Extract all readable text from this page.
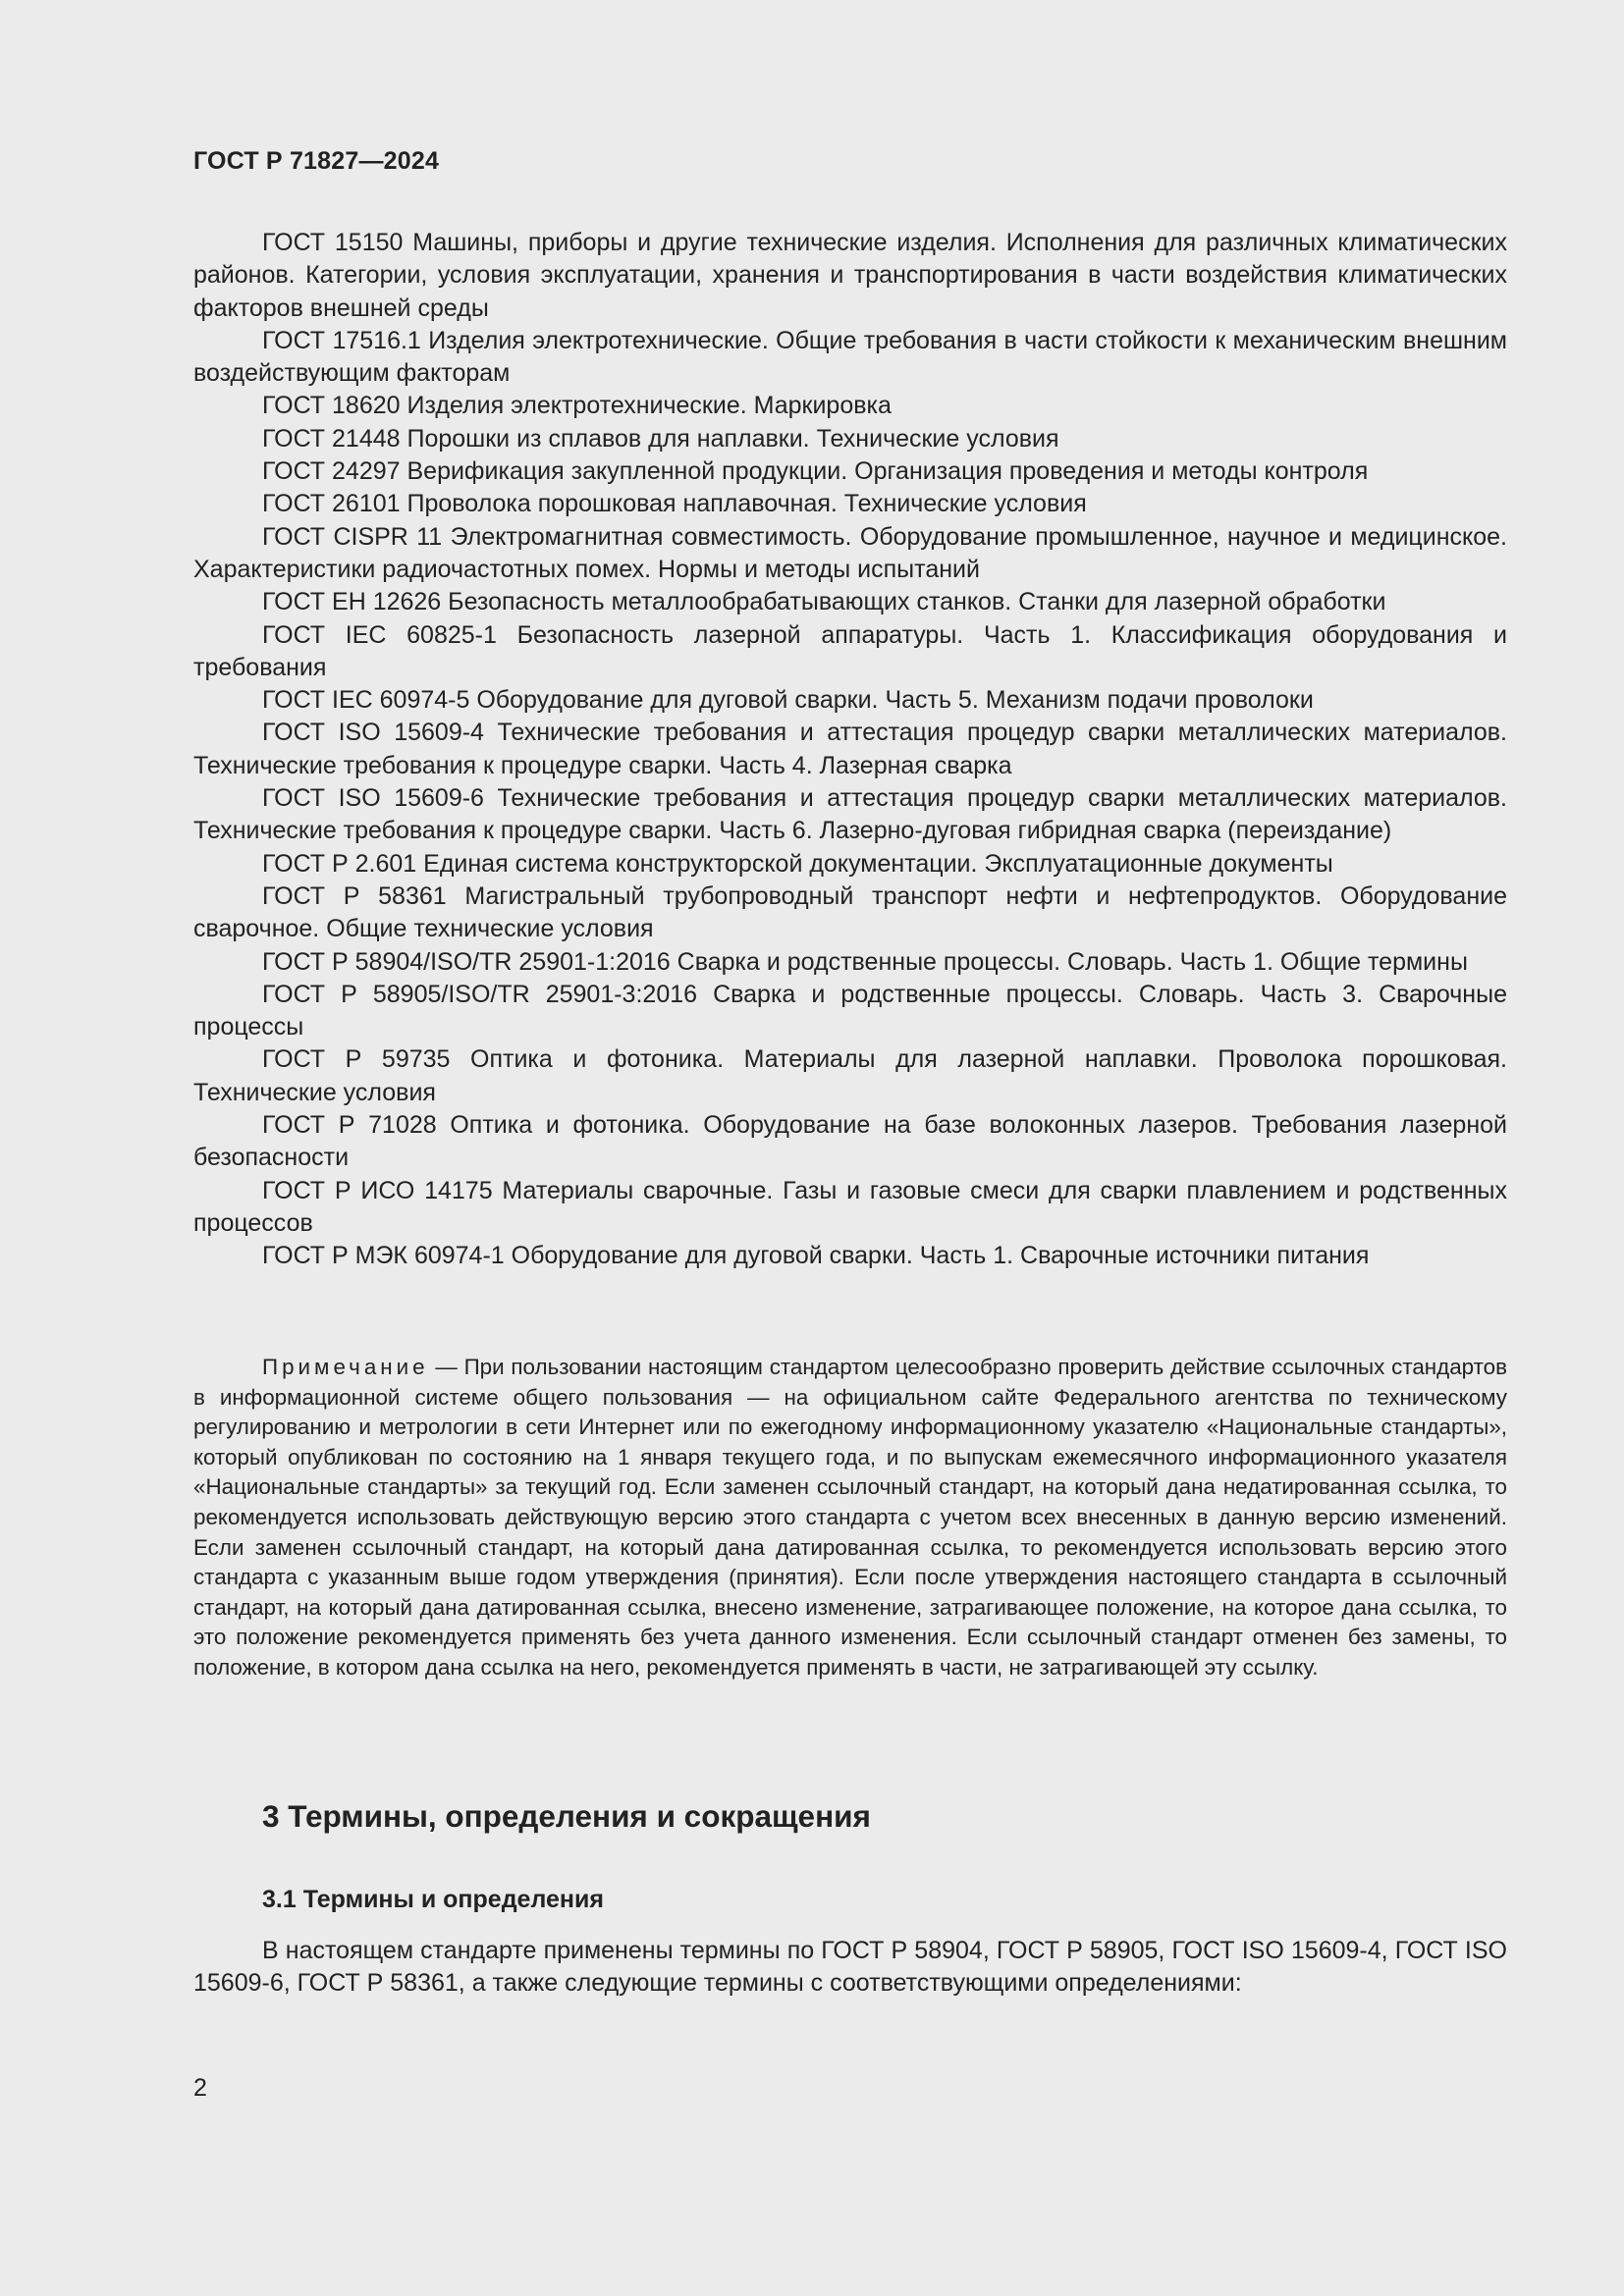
ГОСТ Р 71827—2024

ГОСТ 15150 Машины, приборы и другие технические изделия. Исполнения для различных климатических районов. Категории, условия эксплуатации, хранения и транспортирования в части воздействия климатических факторов внешней среды

ГОСТ 17516.1 Изделия электротехнические. Общие требования в части стойкости к механическим внешним воздействующим факторам

ГОСТ 18620 Изделия электротехнические. Маркировка

ГОСТ 21448 Порошки из сплавов для наплавки. Технические условия

ГОСТ 24297 Верификация закупленной продукции. Организация проведения и методы контроля

ГОСТ 26101 Проволока порошковая наплавочная. Технические условия

ГОСТ CISPR 11 Электромагнитная совместимость. Оборудование промышленное, научное и медицинское. Характеристики радиочастотных помех. Нормы и методы испытаний

ГОСТ ЕН 12626 Безопасность металлообрабатывающих станков. Станки для лазерной обработки

ГОСТ IEC 60825-1 Безопасность лазерной аппаратуры. Часть 1. Классификация оборудования и требования

ГОСТ IEC 60974-5 Оборудование для дуговой сварки. Часть 5. Механизм подачи проволоки

ГОСТ ISO 15609-4 Технические требования и аттестация процедур сварки металлических материалов. Технические требования к процедуре сварки. Часть 4. Лазерная сварка

ГОСТ ISO 15609-6 Технические требования и аттестация процедур сварки металлических материалов. Технические требования к процедуре сварки. Часть 6. Лазерно-дуговая гибридная сварка (переиздание)

ГОСТ Р 2.601 Единая система конструкторской документации. Эксплуатационные документы

ГОСТ Р 58361 Магистральный трубопроводный транспорт нефти и нефтепродуктов. Оборудование сварочное. Общие технические условия

ГОСТ Р 58904/ISO/TR 25901-1:2016 Сварка и родственные процессы. Словарь. Часть 1. Общие термины

ГОСТ Р 58905/ISO/TR 25901-3:2016 Сварка и родственные процессы. Словарь. Часть 3. Сварочные процессы

ГОСТ Р 59735 Оптика и фотоника. Материалы для лазерной наплавки. Проволока порошковая. Технические условия

ГОСТ Р 71028 Оптика и фотоника. Оборудование на базе волоконных лазеров. Требования лазерной безопасности

ГОСТ Р ИСО 14175 Материалы сварочные. Газы и газовые смеси для сварки плавлением и родственных процессов

ГОСТ Р МЭК 60974-1 Оборудование для дуговой сварки. Часть 1. Сварочные источники питания

Примечание — При пользовании настоящим стандартом целесообразно проверить действие ссылочных стандартов в информационной системе общего пользования — на официальном сайте Федерального агентства по техническому регулированию и метрологии в сети Интернет или по ежегодному информационному указателю «Национальные стандарты», который опубликован по состоянию на 1 января текущего года, и по выпускам ежемесячного информационного указателя «Национальные стандарты» за текущий год. Если заменен ссылочный стандарт, на который дана недатированная ссылка, то рекомендуется использовать действующую версию этого стандарта с учетом всех внесенных в данную версию изменений. Если заменен ссылочный стандарт, на который дана датированная ссылка, то рекомендуется использовать версию этого стандарта с указанным выше годом утверждения (принятия). Если после утверждения настоящего стандарта в ссылочный стандарт, на который дана датированная ссылка, внесено изменение, затрагивающее положение, на которое дана ссылка, то это положение рекомендуется применять без учета данного изменения. Если ссылочный стандарт отменен без замены, то положение, в котором дана ссылка на него, рекомендуется применять в части, не затрагивающей эту ссылку.

3 Термины, определения и сокращения
3.1 Термины и определения

В настоящем стандарте применены термины по ГОСТ Р 58904, ГОСТ Р 58905, ГОСТ ISO 15609-4, ГОСТ ISO 15609-6, ГОСТ Р 58361, а также следующие термины с соответствующими определениями:

2
